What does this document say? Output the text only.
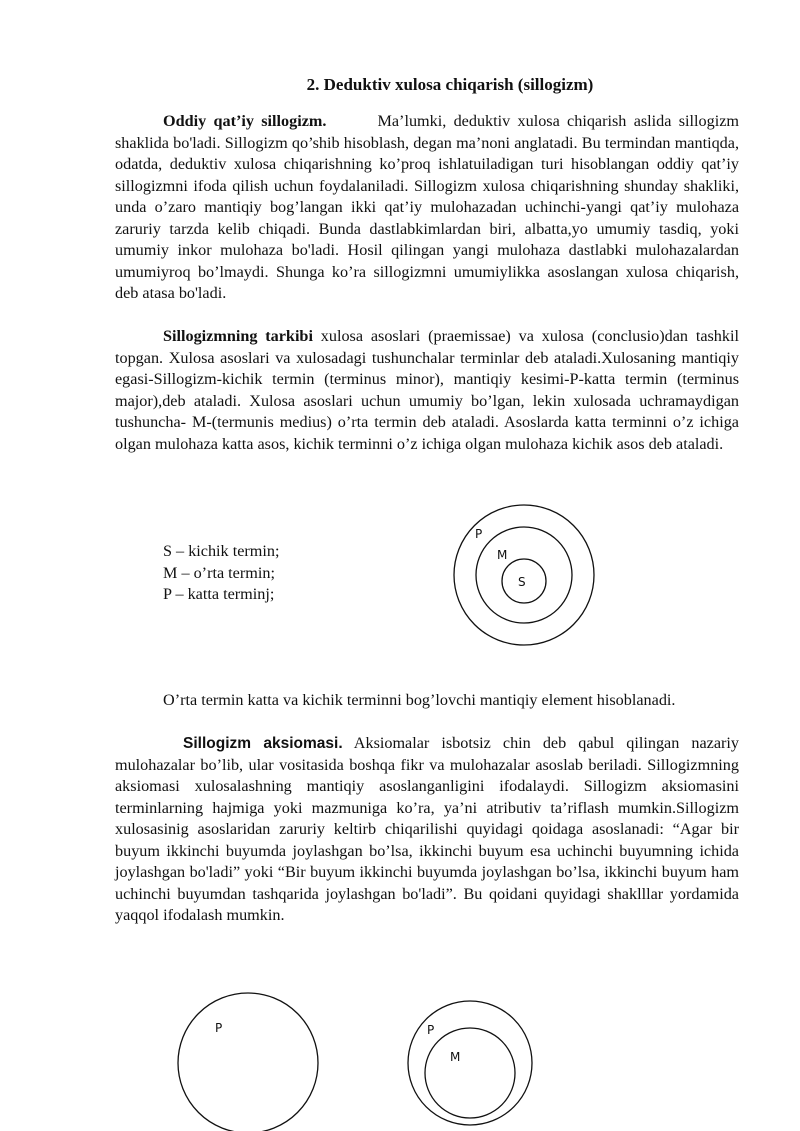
2. Deduktiv xulosa chiqarish (sillogizm)

Oddiy qat’iy sillogizm.	Ma’lumki, deduktiv xulosa chiqarish aslida sillogizm shaklida bo'ladi. Sillogizm qo’shib hisoblash, degan ma’noni anglatadi. Bu termindan mantiqda, odatda, deduktiv xulosa chiqarishning ko’proq ishlatuiladigan turi hisoblangan oddiy qat’iy sillogizmni ifoda qilish uchun foydalaniladi. Sillogizm xulosa chiqarishning shunday shakliki, unda o’zaro mantiqiy bog’langan ikki qat’iy mulohazadan uchinchi-yangi qat’iy mulohaza zaruriy tarzda kelib chiqadi. Bunda dastlabkimlardan biri, albatta,yo umumiy tasdiq, yoki umumiy inkor mulohaza bo'ladi. Hosil qilingan yangi mulohaza dastlabki mulohazalardan umumiyroq bo’lmaydi. Shunga ko’ra sillogizmni umumiylikka asoslangan xulosa chiqarish, deb atasa bo'ladi.

Sillogizmning tarkibi xulosa asoslari (praemissae) va xulosa (conclusio)dan tashkil topgan. Xulosa asoslari va xulosadagi tushunchalar terminlar deb ataladi.Xulosaning mantiqiy egasi-Sillogizm-kichik termin (terminus minor), mantiqiy kesimi-P-katta termin (terminus major),deb ataladi. Xulosa asoslari uchun umumiy bo’lgan, lekin xulosada uchramaydigan tushuncha- M-(termunis medius) o’rta termin deb ataladi. Asoslarda katta terminni o’z ichiga olgan mulohaza katta asos, kichik terminni o’z ichiga olgan mulohaza kichik asos deb ataladi.

S – kichik termin;
M – o’rta termin;
P – katta terminj;
P
M
S

O’rta termin katta va kichik terminni bog’lovchi mantiqiy element hisoblanadi.

Sillogizm aksiomasi. Aksiomalar isbotsiz chin deb qabul qilingan nazariy mulohazalar bo’lib, ular vositasida boshqa fikr va mulohazalar asoslab beriladi. Sillogizmning aksiomasi xulosalashning mantiqiy asoslanganligini ifodalaydi. Sillogizm aksiomasini terminlarning hajmiga yoki mazmuniga ko’ra, ya’ni atributiv ta’riflash mumkin.Sillogizm xulosasinig asoslaridan zaruriy keltirb chiqarilishi quyidagi qoidaga asoslanadi: “Agar bir buyum ikkinchi buyumda joylashgan bo’lsa, ikkinchi buyum esa uchinchi buyumning ichida joylashgan bo'ladi” yoki “Bir buyum ikkinchi buyumda joylashgan bo’lsa, ikkinchi buyum ham uchinchi buyumdan tashqarida joylashgan bo'ladi”. Bu qoidani quyidagi shaklllar yordamida yaqqol ifodalash mumkin.

P	P
M
